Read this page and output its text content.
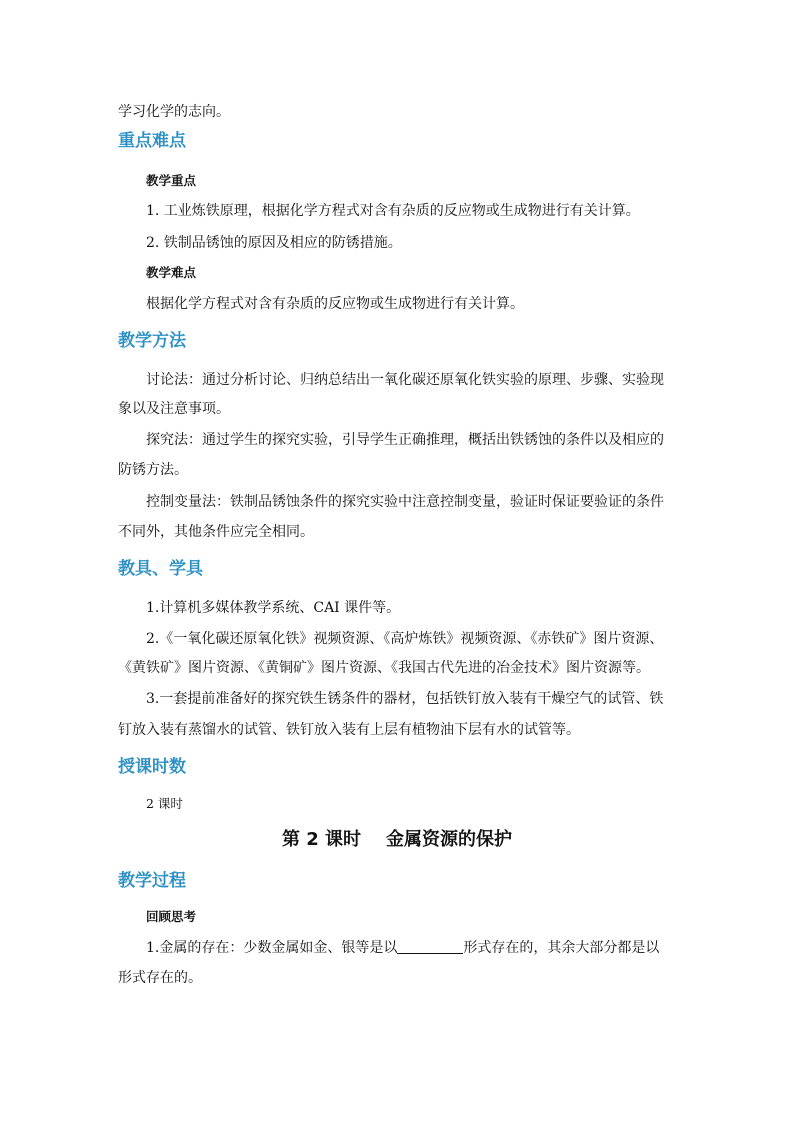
学习化学的志向。
重点难点
教学重点
1. 工业炼铁原理，根据化学方程式对含有杂质的反应物或生成物进行有关计算。
2. 铁制品锈蚀的原因及相应的防锈措施。
教学难点
根据化学方程式对含有杂质的反应物或生成物进行有关计算。
教学方法
讨论法：通过分析讨论、归纳总结出一氧化碳还原氧化铁实验的原理、步骤、实验现
象以及注意事项。
探究法：通过学生的探究实验，引导学生正确推理，概括出铁锈蚀的条件以及相应的
防锈方法。
控制变量法：铁制品锈蚀条件的探究实验中注意控制变量，验证时保证要验证的条件
不同外，其他条件应完全相同。
教具、学具
1.计算机多媒体教学系统、CAI 课件等。
2.《一氧化碳还原氧化铁》视频资源、《高炉炼铁》视频资源、《赤铁矿》图片资源、
《黄铁矿》图片资源、《黄铜矿》图片资源、《我国古代先进的冶金技术》图片资源等。
3.一套提前准备好的探究铁生锈条件的器材，包括铁钉放入装有干燥空气的试管、铁
钉放入装有蒸馏水的试管、铁钉放入装有上层有植物油下层有水的试管等。
授课时数
2 课时
第 2 课时    金属资源的保护
教学过程
回顾思考
1.金属的存在：少数金属如金、银等是以	形式存在的，其余大部分都是以
形式存在的。
